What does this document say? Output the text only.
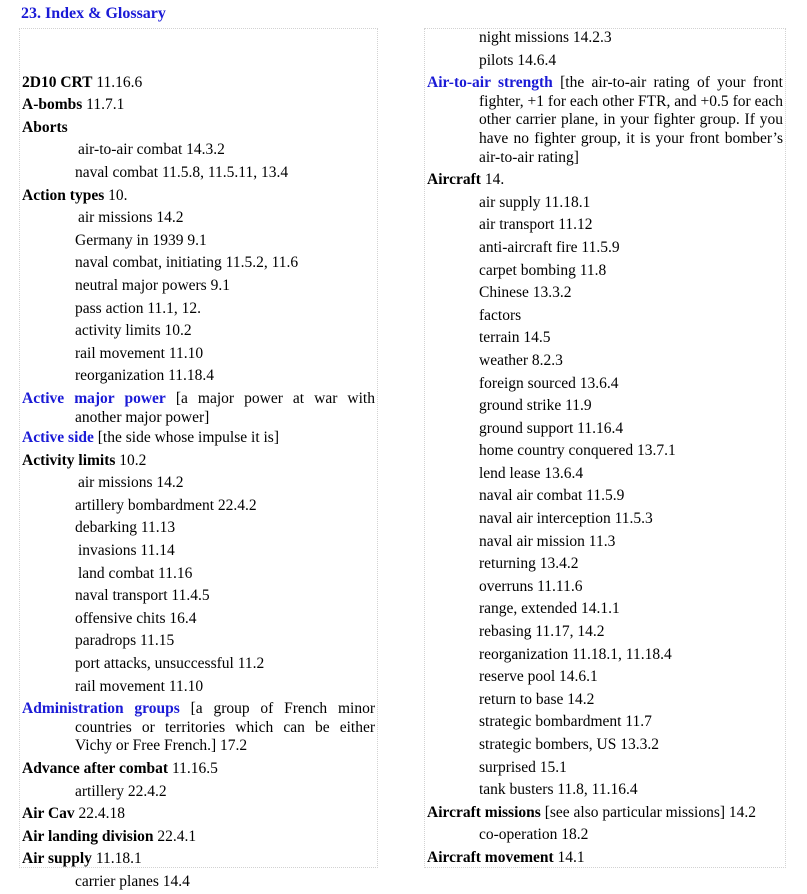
23. Index & Glossary

2D10 CRT 11.16.6
A-bombs 11.7.1
Aborts
air-to-air combat 14.3.2
naval combat 11.5.8, 11.5.11, 13.4
Action types 10.
air missions 14.2
Germany in 1939 9.1
naval combat, initiating 11.5.2, 11.6
neutral major powers 9.1
pass action 11.1, 12.
activity limits 10.2
rail movement 11.10
reorganization 11.18.4
Active major power [a major power at war with another major power]
Active side [the side whose impulse it is]
Activity limits 10.2
air missions 14.2
artillery bombardment 22.4.2
debarking 11.13
invasions 11.14
land combat 11.16
naval transport 11.4.5
offensive chits 16.4
paradrops 11.15
port attacks, unsuccessful 11.2
rail movement 11.10
Administration groups [a group of French minor countries or territories which can be either Vichy or Free French.] 17.2
Advance after combat 11.16.5
artillery 22.4.2
Air Cav 22.4.18
Air landing division 22.4.1
Air supply 11.18.1
carrier planes 14.4
night missions 14.2.3
pilots 14.6.4
Air-to-air strength [the air-to-air rating of your front fighter, +1 for each other FTR, and +0.5 for each other carrier plane, in your fighter group. If you have no fighter group, it is your front bomber’s air-to-air rating]
Aircraft 14.
air supply 11.18.1
air transport 11.12
anti-aircraft fire 11.5.9
carpet bombing 11.8
Chinese 13.3.2
factors
terrain 14.5
weather 8.2.3
foreign sourced 13.6.4
ground strike 11.9
ground support 11.16.4
home country conquered 13.7.1
lend lease 13.6.4
naval air combat 11.5.9
naval air interception 11.5.3
naval air mission 11.3
returning 13.4.2
overruns 11.11.6
range, extended 14.1.1
rebasing 11.17, 14.2
reorganization 11.18.1, 11.18.4
reserve pool 14.6.1
return to base 14.2
strategic bombardment 11.7
strategic bombers, US 13.3.2
surprised 15.1
tank busters 11.8, 11.16.4
Aircraft missions [see also particular missions] 14.2
co-operation 18.2
Aircraft movement 14.1
